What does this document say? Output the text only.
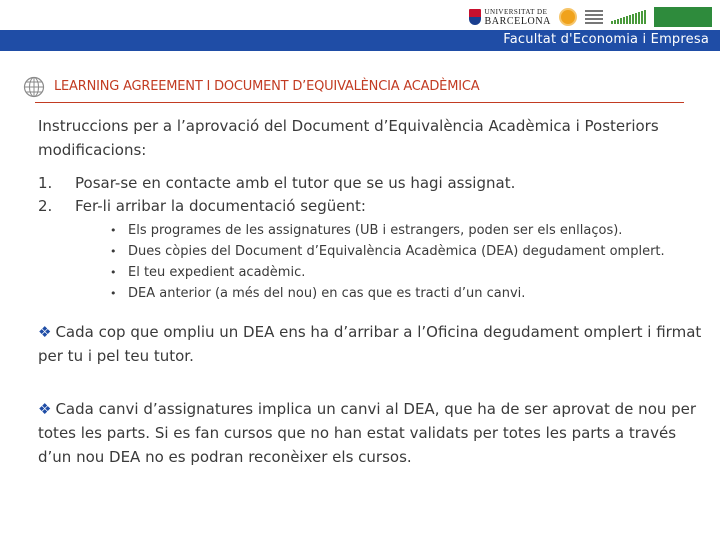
UNIVERSITAT DE
BARCELONA
Facultat d'Economia i Empresa
LEARNING AGREEMENT I DOCUMENT D’EQUIVALÈNCIA ACADÈMICA

Instruccions per a l’aprovació del Document d’Equivalència Acadèmica i Posteriors modificacions:

1.	Posar-se en contacte amb el tutor que se us hagi assignat.
2.	Fer-li arribar la documentació següent:
• Els programes de les assignatures (UB i estrangers, poden ser els enllaços).
• Dues còpies del Document d’Equivalència Acadèmica (DEA) degudament omplert.
• El teu expedient acadèmic.
• DEA anterior (a més del nou) en cas que es tracti d’un canvi.

❖ Cada cop que ompliu un DEA ens ha d’arribar a l’Oficina degudament omplert i firmat per tu i pel teu tutor.

❖ Cada canvi d’assignatures implica un canvi al DEA, que ha de ser aprovat de nou per totes les parts. Si es fan cursos que no han estat validats per totes les parts a través d’un nou DEA no es podran reconèixer els cursos.
